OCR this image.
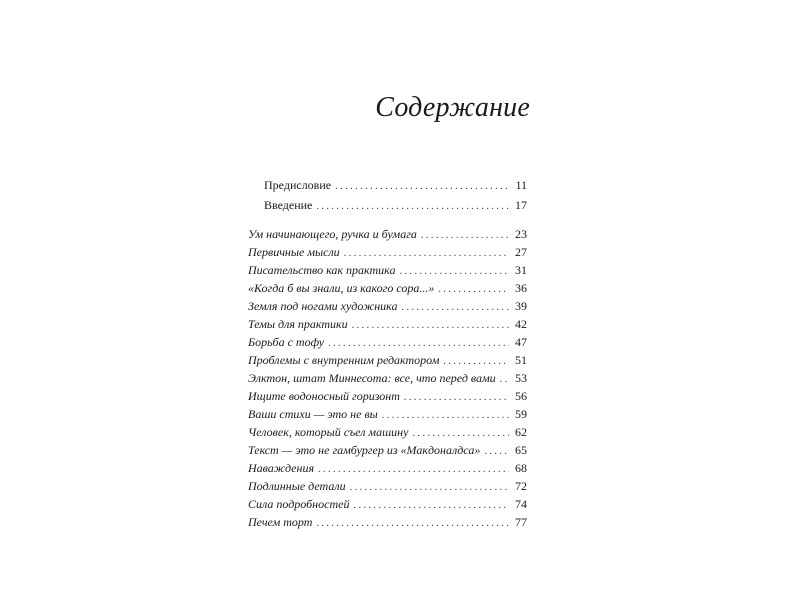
Содержание
Предисловие . . .	11
Введение . . .	17
Ум начинающего, ручка и бумага . . .	23
Первичные мысли . . .	27
Писательство как практика . . .	31
«Когда б вы знали, из какого сора...» . . .	36
Земля под ногами художника . . .	39
Темы для практики . . .	42
Борьба с тофу . . .	47
Проблемы с внутренним редактором . . .	51
Элктон, штат Миннесота: все, что перед вами . . . 53
Ищите водоносный горизонт . . .	56
Ваши стихи — это не вы . . .	59
Человек, который съел машину . . .	62
Текст — это не гамбургер из «Макдоналдса» . . .	65
Наваждения . . .	68
Подлинные детали . . .	72
Сила подробностей . . .	74
Печем торт . . .	77
